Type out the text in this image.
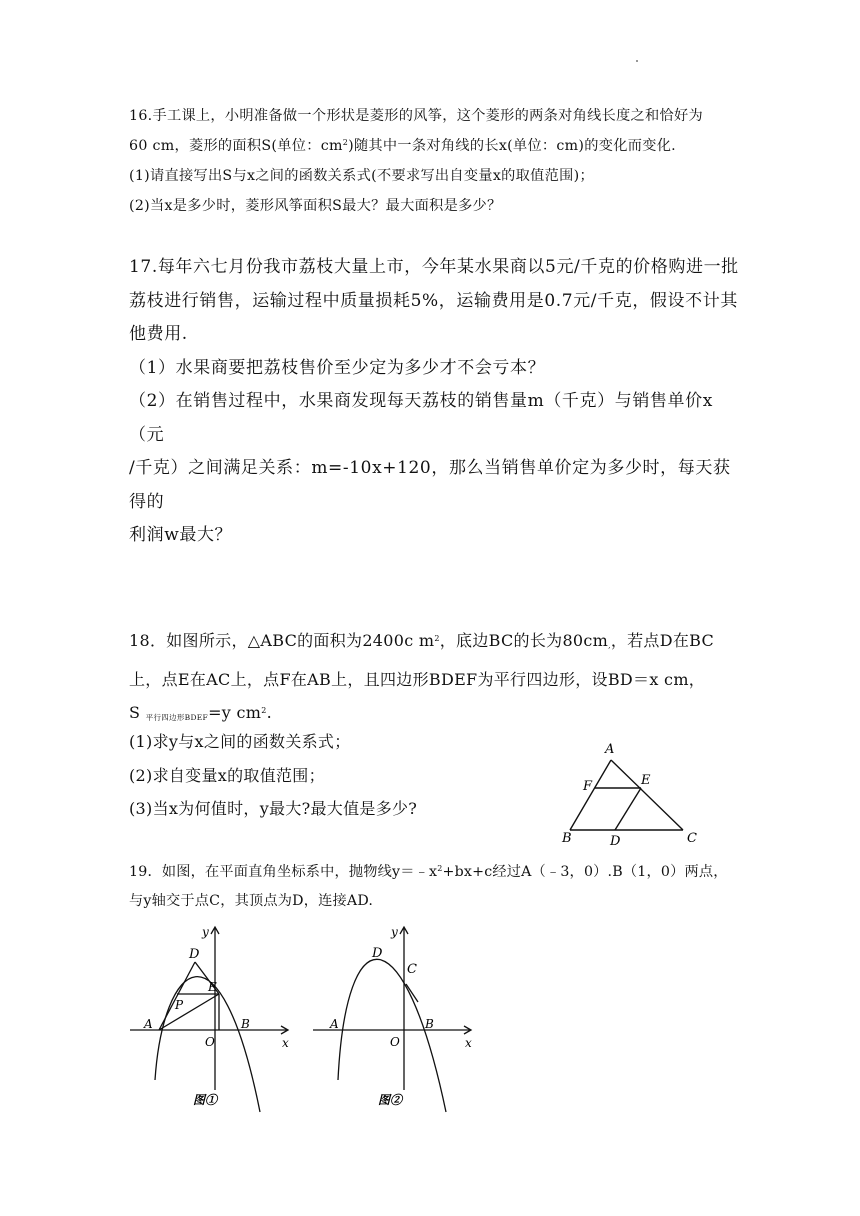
16.手工课上，小明准备做一个形状是菱形的风筝，这个菱形的两条对角线长度之和恰好为

60 cm，菱形的面积S(单位：$cm^2$)随其中一条对角线的长x(单位：cm)的变化而变化.

(1)请直接写出S与x之间的函数关系式(不要求写出自变量x的取值范围)；

(2)当x是多少时，菱形风筝面积S最大？最大面积是多少？

17.每年六七月份我市荔枝大量上市，今年某水果商以5元/千克的价格购进一批

荔枝进行销售，运输过程中质量损耗5%，运输费用是0.7元/千克，假设不计其

他费用.

（1）水果商要把荔枝售价至少定为多少才不会亏本？

（2）在销售过程中，水果商发现每天荔枝的销售量m（千克）与销售单价x（元

/千克）之间满足关系：m=-10x+120，那么当销售单价定为多少时，每天获得的

利润w最大？

18．如图所示，△ABC的面积为2400c $m^2$，底边BC的长为80cm,，若点D在BC

上，点E在AC上，点F在AB上，且四边形BDEF为平行四边形，设BD＝x cm，

S 平行四边形BDEF=y $cm^2$.

(1)求y与x之间的函数关系式；

(2)求自变量x的取值范围；

(3)当x为何值时，y最大?最大值是多少?

A
F	E
B	D	C

19．如图，在平面直角坐标系中，抛物线$y=﹣x^2+bx+c$经过A（﹣3，0）.B（1，0）两点，

与y轴交于点C，其顶点为D，连接AD.

y
D
E
P
A
O
B
x
图①
y
D
C
A
O
B
x
图②
